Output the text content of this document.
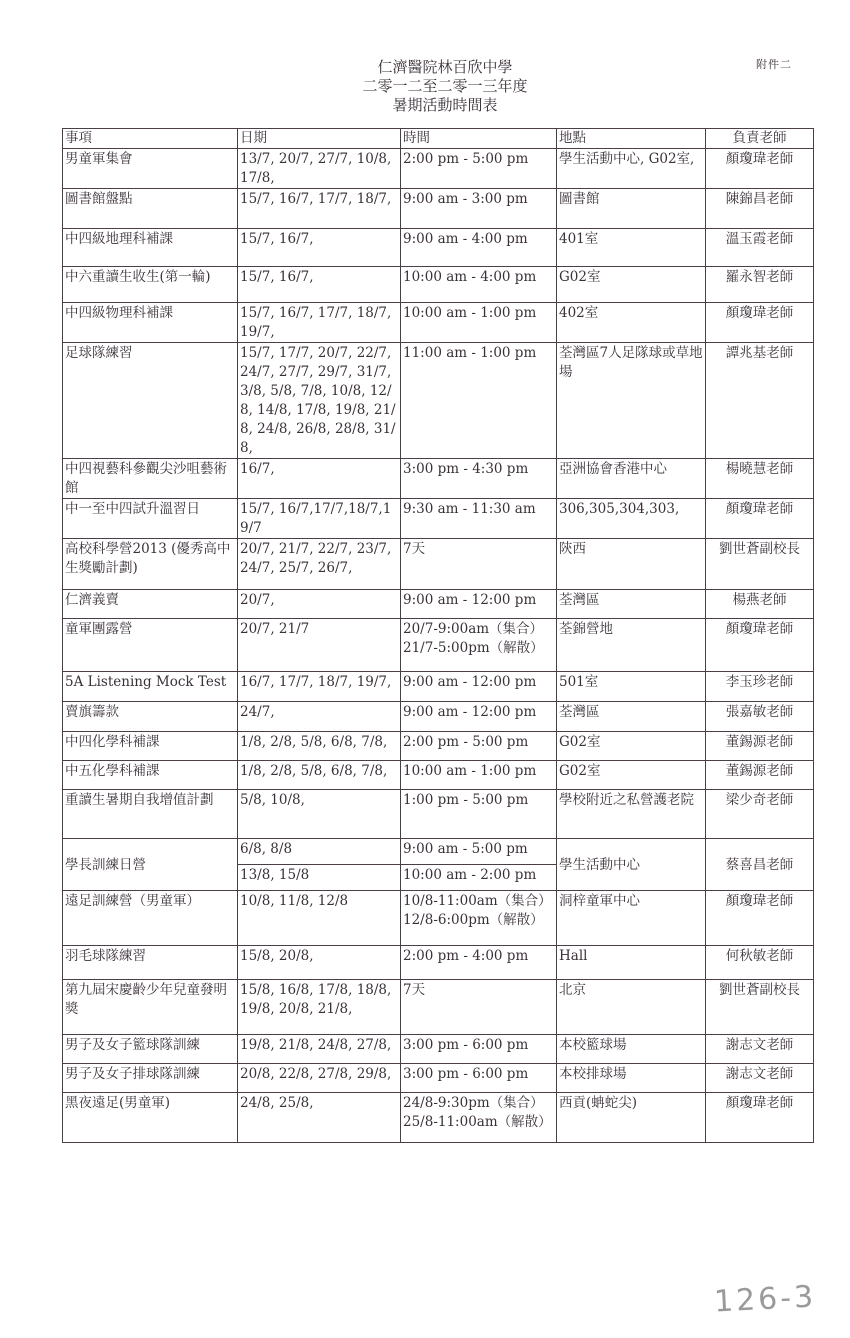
附件二
仁濟醫院林百欣中學
二零一二至二零一三年度
暑期活動時間表
事項	日期	時間	地點	負責老師
男童軍集會	13/7, 20/7, 27/7, 10/8, 17/8,	2:00 pm - 5:00 pm	學生活動中心, G02室,	顏瓊瑋老師
圖書館盤點	15/7, 16/7, 17/7, 18/7,	9:00 am - 3:00 pm	圖書館	陳錦昌老師
中四級地理科補課	15/7, 16/7,	9:00 am - 4:00 pm	401室	溫玉霞老師
中六重讀生收生(第一輪)	15/7, 16/7,	10:00 am - 4:00 pm	G02室	羅永智老師
中四級物理科補課	15/7, 16/7, 17/7, 18/7, 19/7,	10:00 am - 1:00 pm	402室	顏瓊瑋老師
足球隊練習	15/7, 17/7, 20/7, 22/7, 24/7, 27/7, 29/7, 31/7, 3/8, 5/8, 7/8, 10/8, 12/8, 14/8, 17/8, 19/8, 21/8, 24/8, 26/8, 28/8, 31/8,	11:00 am - 1:00 pm	荃灣區7人足隊球或草地場	譚兆基老師
中四視藝科參觀尖沙咀藝術館	16/7,	3:00 pm - 4:30 pm	亞洲協會香港中心	楊曉慧老師
中一至中四試升溫習日	15/7, 16/7,17/7,18/7,19/7	9:30 am - 11:30 am	306,305,304,303,	顏瓊瑋老師
高校科學營2013 (優秀高中生獎勵計劃)	20/7, 21/7, 22/7, 23/7, 24/7, 25/7, 26/7,	7天	陝西	劉世蒼副校長
仁濟義賣	20/7,	9:00 am - 12:00 pm	荃灣區	楊燕老師
童軍團露營	20/7, 21/7	20/7-9:00am（集合） 21/7-5:00pm（解散）	荃錦營地	顏瓊瑋老師
5A Listening Mock Test	16/7, 17/7, 18/7, 19/7,	9:00 am - 12:00 pm	501室	李玉珍老師
賣旗籌款	24/7,	9:00 am - 12:00 pm	荃灣區	張嘉敏老師
中四化學科補課	1/8, 2/8, 5/8, 6/8, 7/8,	2:00 pm - 5:00 pm	G02室	董錫源老師
中五化學科補課	1/8, 2/8, 5/8, 6/8, 7/8,	10:00 am - 1:00 pm	G02室	董錫源老師
重讀生暑期自我增值計劃	5/8, 10/8,	1:00 pm - 5:00 pm	學校附近之私營護老院	梁少奇老師
學長訓練日營	6/8, 8/8	9:00 am - 5:00 pm	學生活動中心	蔡喜昌老師
	13/8, 15/8	10:00 am - 2:00 pm		
遠足訓練營（男童軍）	10/8, 11/8, 12/8	10/8-11:00am（集合） 12/8-6:00pm（解散）	洞梓童軍中心	顏瓊瑋老師
羽毛球隊練習	15/8, 20/8,	2:00 pm - 4:00 pm	Hall	何秋敏老師
第九屆宋慶齡少年兒童發明獎	15/8, 16/8, 17/8, 18/8, 19/8, 20/8, 21/8,	7天	北京	劉世蒼副校長
男子及女子籃球隊訓練	19/8, 21/8, 24/8, 27/8,	3:00 pm - 6:00 pm	本校籃球場	謝志文老師
男子及女子排球隊訓練	20/8, 22/8, 27/8, 29/8,	3:00 pm - 6:00 pm	本校排球場	謝志文老師
黑夜遠足(男童軍)	24/8, 25/8,	24/8-9:30pm（集合） 25/8-11:00am（解散）	西貢(蚺蛇尖)	顏瓊瑋老師
126-3
